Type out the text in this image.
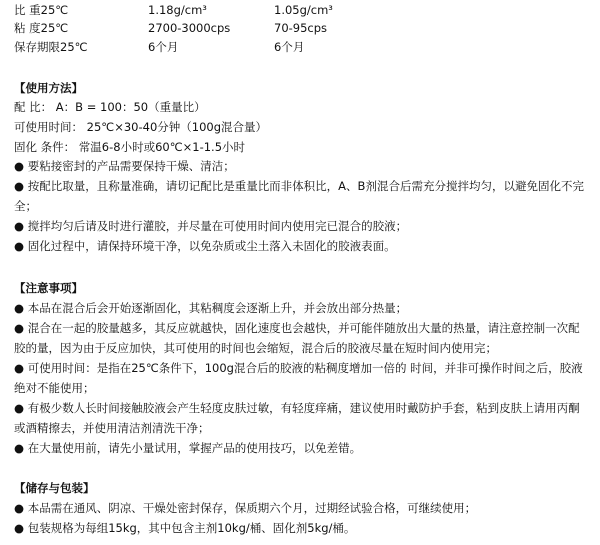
比 重25℃	1.18g/cm³	1.05g/cm³
粘 度25℃	2700-3000cps	70-95cps
保存期限25℃	6个月	6个月
【使用方法】
配 比： A：B = 100：50（重量比）
可使用时间： 25℃×30-40分钟（100g混合量）
固化 条件： 常温6-8小时或60℃×1-1.5小时
● 要粘接密封的产品需要保持干燥、清洁；
● 按配比取量，且称量准确，请切记配比是重量比而非体积比，A、B剂混合后需充分搅拌均匀，以避免固化不完全；
● 搅拌均匀后请及时进行灌胶，并尽量在可使用时间内使用完已混合的胶液；
● 固化过程中，请保持环境干净，以免杂质或尘土落入未固化的胶液表面。
【注意事项】
● 本品在混合后会开始逐渐固化，其粘稠度会逐渐上升，并会放出部分热量；
● 混合在一起的胶量越多，其反应就越快，固化速度也会越快，并可能伴随放出大量的热量，请注意控制一次配胶的量，因为由于反应加快，其可使用的时间也会缩短，混合后的胶液尽量在短时间内使用完；
● 可使用时间：是指在25℃条件下，100g混合后的胶液的粘稠度增加一倍的 时间，并非可操作时间之后，胶液绝对不能使用；
● 有极少数人长时间接触胶液会产生轻度皮肤过敏，有轻度痒痛，建议使用时戴防护手套，粘到皮肤上请用丙酮或酒精擦去，并使用清洁剂清洗干净；
● 在大量使用前，请先小量试用，掌握产品的使用技巧，以免差错。
【储存与包装】
● 本品需在通风、阴凉、干燥处密封保存，保质期六个月，过期经试验合格，可继续使用；
● 包装规格为每组15kg，其中包含主剂10kg/桶、固化剂5kg/桶。
